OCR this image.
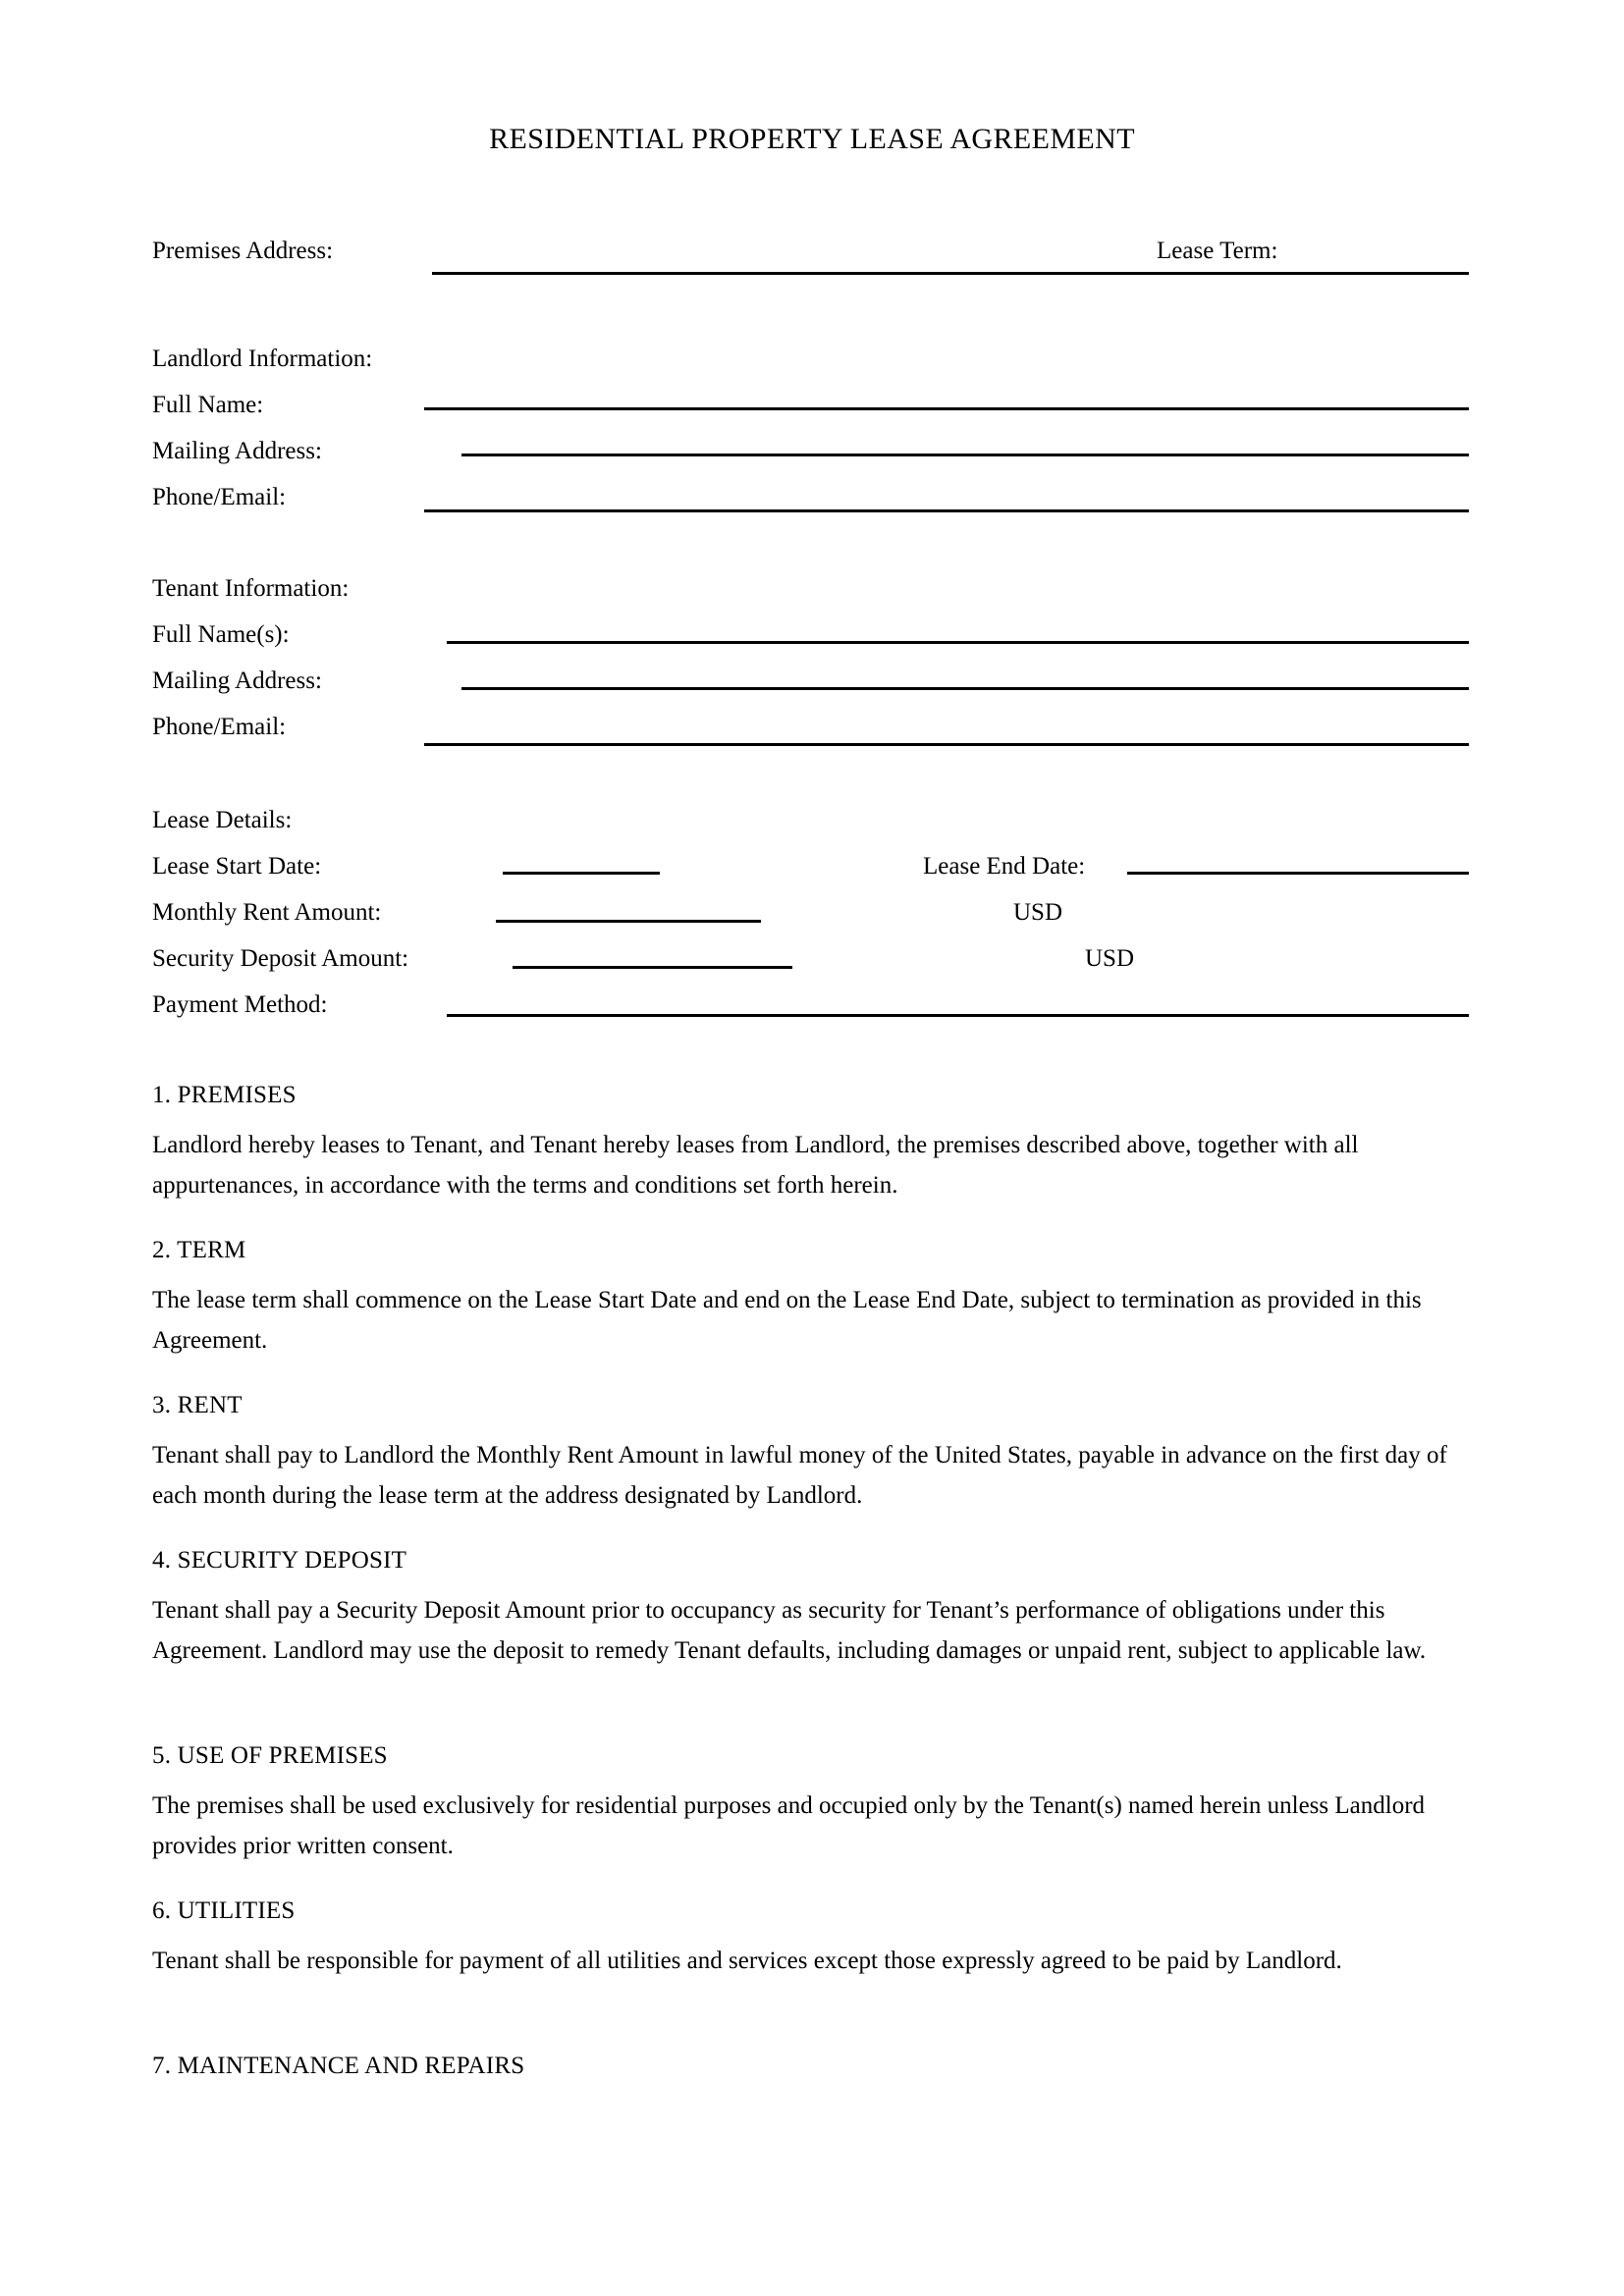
RESIDENTIAL PROPERTY LEASE AGREEMENT
Premises Address:	Lease Term:
Landlord Information:
Full Name:
Mailing Address:
Phone/Email:
Tenant Information:
Full Name(s):
Mailing Address:
Phone/Email:
Lease Details:
Lease Start Date:	Lease End Date:
Monthly Rent Amount:	USD
Security Deposit Amount:	USD
Payment Method:
1. PREMISES
Landlord hereby leases to Tenant, and Tenant hereby leases from Landlord, the premises described above, together with all appurtenances, in accordance with the terms and conditions set forth herein.
2. TERM
The lease term shall commence on the Lease Start Date and end on the Lease End Date, subject to termination as provided in this Agreement.
3. RENT
Tenant shall pay to Landlord the Monthly Rent Amount in lawful money of the United States, payable in advance on the first day of each month during the lease term at the address designated by Landlord.
4. SECURITY DEPOSIT
Tenant shall pay a Security Deposit Amount prior to occupancy as security for Tenant’s performance of obligations under this Agreement. Landlord may use the deposit to remedy Tenant defaults, including damages or unpaid rent, subject to applicable law.
5. USE OF PREMISES
The premises shall be used exclusively for residential purposes and occupied only by the Tenant(s) named herein unless Landlord provides prior written consent.
6. UTILITIES
Tenant shall be responsible for payment of all utilities and services except those expressly agreed to be paid by Landlord.
7. MAINTENANCE AND REPAIRS
